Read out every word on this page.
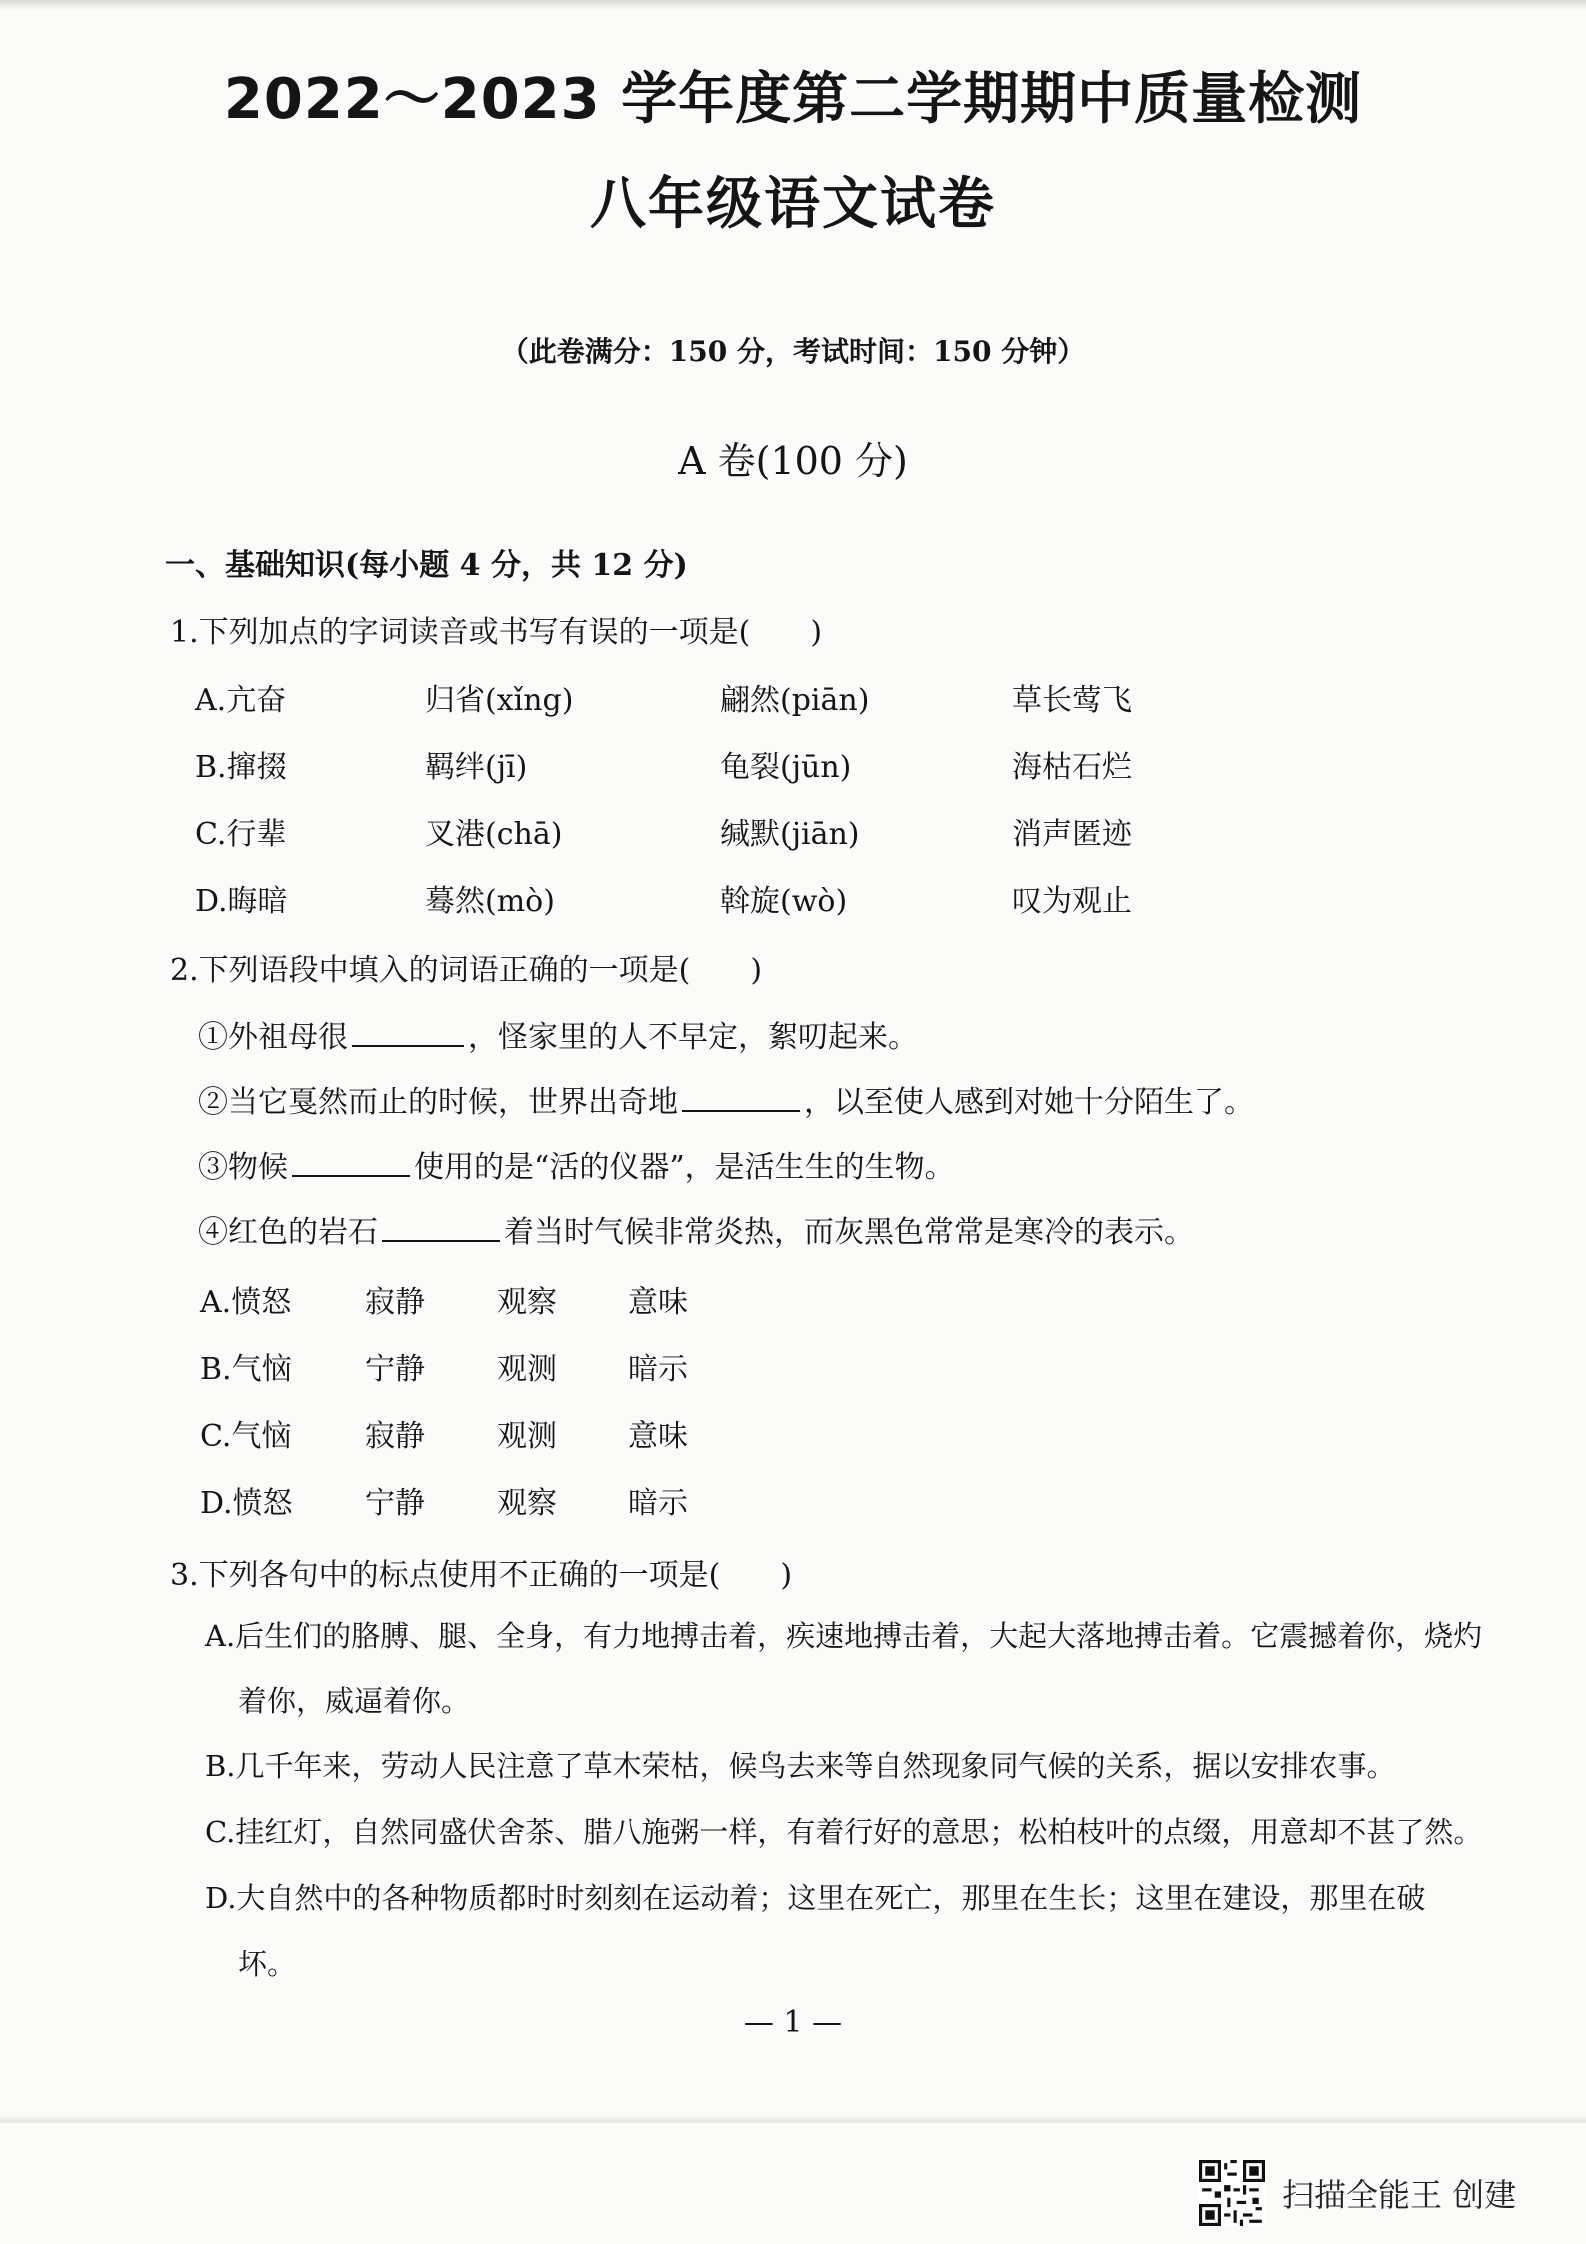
2022～2023 学年度第二学期期中质量检测
八年级语文试卷
（此卷满分：150 分，考试时间：150 分钟）
A 卷(100 分)
一、基础知识(每小题 4 分，共 12 分)
1.下列加点的字词读音或书写有误的一项是(　　)
A.亢奋	归省(xǐng)	翩然(piān)	草长莺飞
B.撺掇	羁绊(jī)	龟裂(jūn)	海枯石烂
C.行辈	叉港(chā)	缄默(jiān)	消声匿迹
D.晦暗	蓦然(mò)	斡旋(wò)	叹为观止
2.下列语段中填入的词语正确的一项是(　　)
①外祖母很	，怪家里的人不早定，絮叨起来。
②当它戛然而止的时候，世界出奇地	，以至使人感到对她十分陌生了。
③物候	使用的是“活的仪器”，是活生生的生物。
④红色的岩石	着当时气候非常炎热，而灰黑色常常是寒冷的表示。
A.愤怒 寂静 观察 意味
B.气恼 宁静 观测 暗示
C.气恼 寂静 观测 意味
D.愤怒 宁静 观察 暗示
3.下列各句中的标点使用不正确的一项是(　　)
A.后生们的胳膊、腿、全身，有力地搏击着，疾速地搏击着，大起大落地搏击着。它震撼着你，烧灼
着你，威逼着你。
B.几千年来，劳动人民注意了草木荣枯，候鸟去来等自然现象同气候的关系，据以安排农事。
C.挂红灯，自然同盛伏舍茶、腊八施粥一样，有着行好的意思；松柏枝叶的点缀，用意却不甚了然。
D.大自然中的各种物质都时时刻刻在运动着；这里在死亡，那里在生长；这里在建设，那里在破
坏。
— 1 —
扫描全能王 创建
